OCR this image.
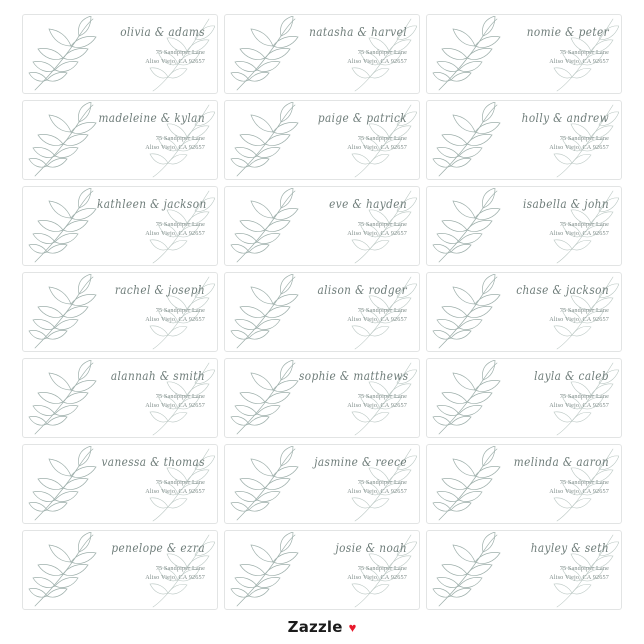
olivia & adams
75 Sandpiper Lane
Aliso Viejo, CA 92657
natasha & harvel
75 Sandpiper Lane
Aliso Viejo, CA 92657
nomie & peter
75 Sandpiper Lane
Aliso Viejo, CA 92657
madeleine & kylan
75 Sandpiper Lane
Aliso Viejo, CA 92657
paige & patrick
75 Sandpiper Lane
Aliso Viejo, CA 92657
holly & andrew
75 Sandpiper Lane
Aliso Viejo, CA 92657
kathleen & jackson
75 Sandpiper Lane
Aliso Viejo, CA 92657
eve & hayden
75 Sandpiper Lane
Aliso Viejo, CA 92657
isabella & john
75 Sandpiper Lane
Aliso Viejo, CA 92657
rachel & joseph
75 Sandpiper Lane
Aliso Viejo, CA 92657
alison & rodger
75 Sandpiper Lane
Aliso Viejo, CA 92657
chase & jackson
75 Sandpiper Lane
Aliso Viejo, CA 92657
alannah & smith
75 Sandpiper Lane
Aliso Viejo, CA 92657
sophie & matthews
75 Sandpiper Lane
Aliso Viejo, CA 92657
layla & caleb
75 Sandpiper Lane
Aliso Viejo, CA 92657
vanessa & thomas
75 Sandpiper Lane
Aliso Viejo, CA 92657
jasmine & reece
75 Sandpiper Lane
Aliso Viejo, CA 92657
melinda & aaron
75 Sandpiper Lane
Aliso Viejo, CA 92657
penelope & ezra
75 Sandpiper Lane
Aliso Viejo, CA 92657
josie & noah
75 Sandpiper Lane
Aliso Viejo, CA 92657
hayley & seth
75 Sandpiper Lane
Aliso Viejo, CA 92657
Zazzle ♥
